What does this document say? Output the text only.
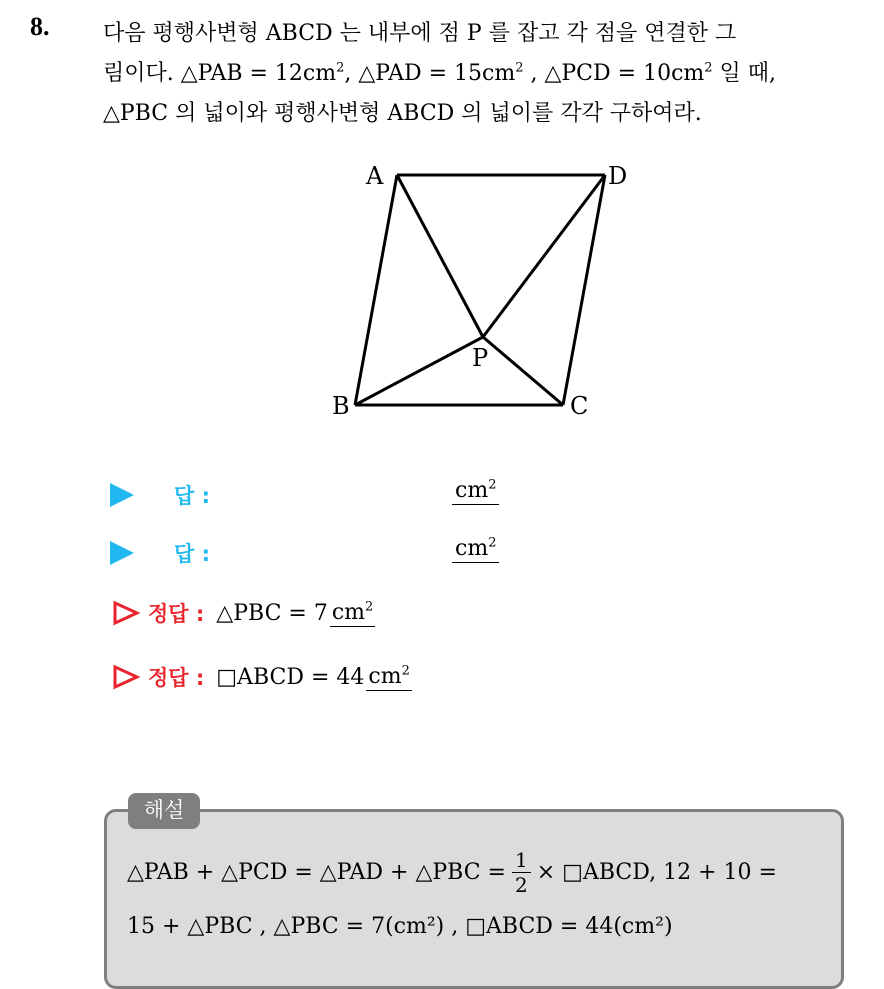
8. 다음 평행사변형 ABCD 는 내부에 점 P 를 잡고 각 점을 연결한 그
림이다. △PAB = $12cm^2$, △PAD = $15cm^2$ , △PCD = $10cm^2$ 일 때,
△PBC 의 넓이와 평행사변형 ABCD 의 넓이를 각각 구하여라.
A	D
B	C
P
답 :	$cm^2$
답 :	$cm^2$
정답 : △PBC = 7 $cm^2$
정답 : □ABCD = 44 $cm^2$
해설
△PAB + △PCD = △PAD + △PBC = $\frac{1}{2}$ × □ABCD, 12 + 10 =
15 + △PBC , △PBC = 7(cm²) , □ABCD = 44(cm²)
